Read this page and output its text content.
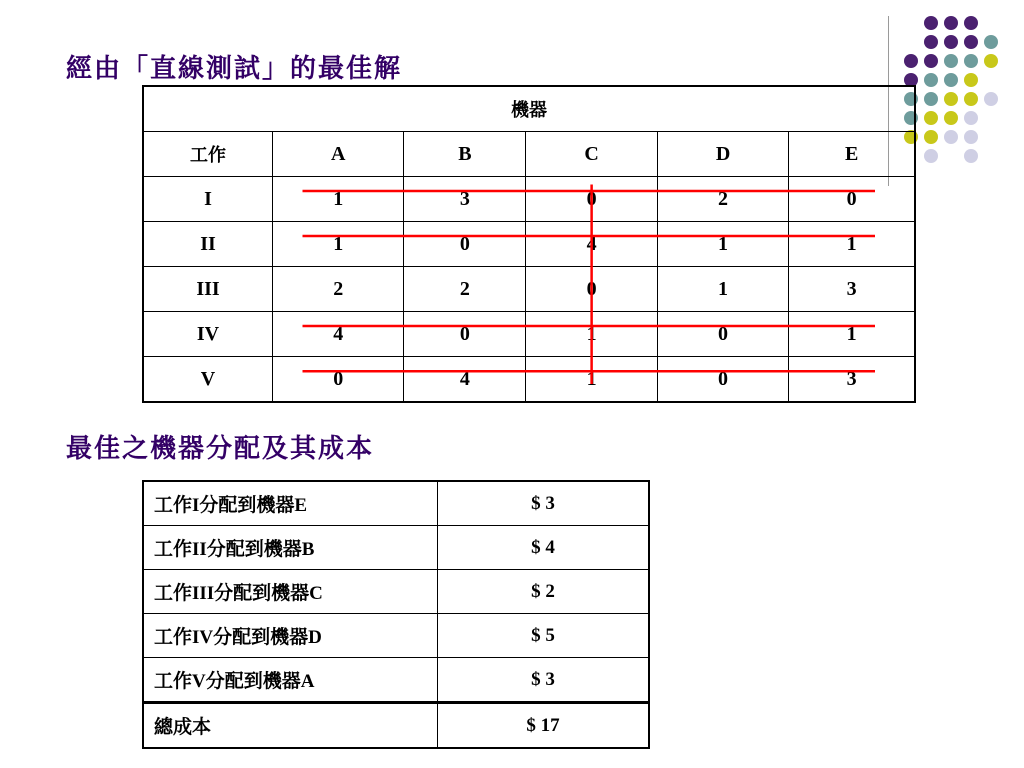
經由「直線測試」的最佳解
機器					
工作	A	B	C	D	E
I	1	3	0	2	0
II	1	0	4	1	1
III	2	2	0	1	3
IV	4	0	1	0	1
V	0	4	1	0	3
最佳之機器分配及其成本
工作I分配到機器E	$ 3
工作II分配到機器B	$ 4
工作III分配到機器C	$ 2
工作IV分配到機器D	$ 5
工作V分配到機器A	$ 3
總成本	$ 17
